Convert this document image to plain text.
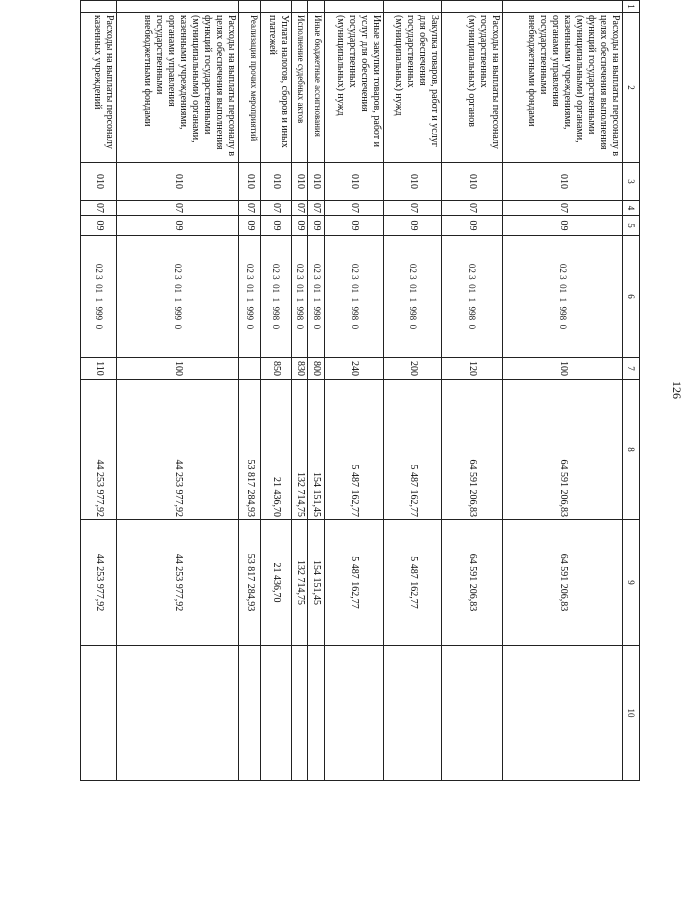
126
1	2	3	4	5	6	7	8	9	10
	Расходы на выплаты персоналу в целях обеспечения выполнения функций государственными (муниципальными) органами, казенными учреждениями, органами управления государственными внебюджетными фондами	010	07	09	02 3  01  1  998  0	100	64 591 206,83	64 591 206,83	
	Расходы на выплаты персоналу государственных (муниципальных) органов	010	07	09	02 3  01  1  998  0	120	64 591 206,83	64 591 206,83	
	Закупка товаров, работ и услуг для обеспечения государственных (муниципальных) нужд	010	07	09	02 3  01  1  998  0	200	5 487 162,77	5 487 162,77	
	Иные закупки товаров, работ и услуг для обеспечения государственных (муниципальных) нужд	010	07	09	02 3  01  1  998  0	240	5 487 162,77	5 487 162,77	
	Иные бюджетные ассигнования	010	07	09	02 3  01  1  998  0	800	154 151,45	154 151,45	
	Исполнение судебных актов	010	07	09	02 3  01  1  998  0	830	132 714,75	132 714,75	
	Уплата налогов, сборов и иных платежей	010	07	09	02 3  01  1  998  0	850	21 436,70	21 436,70	
	Реализация прочих мероприятий	010	07	09	02 3  01  1  999  0		53 817 284,93	53 817 284,93	
	Расходы на выплаты персоналу в целях обеспечения выполнения функций государственными (муниципальными) органами, казенными учреждениями, органами управления государственными внебюджетными фондами	010	07	09	02 3  01  1  999  0	100	44 253 977,92	44 253 977,92	
	Расходы на выплаты персоналу казенных учреждений	010	07	09	02 3  01  1  999  0	110	44 253 977,92	44 253 977,92	
